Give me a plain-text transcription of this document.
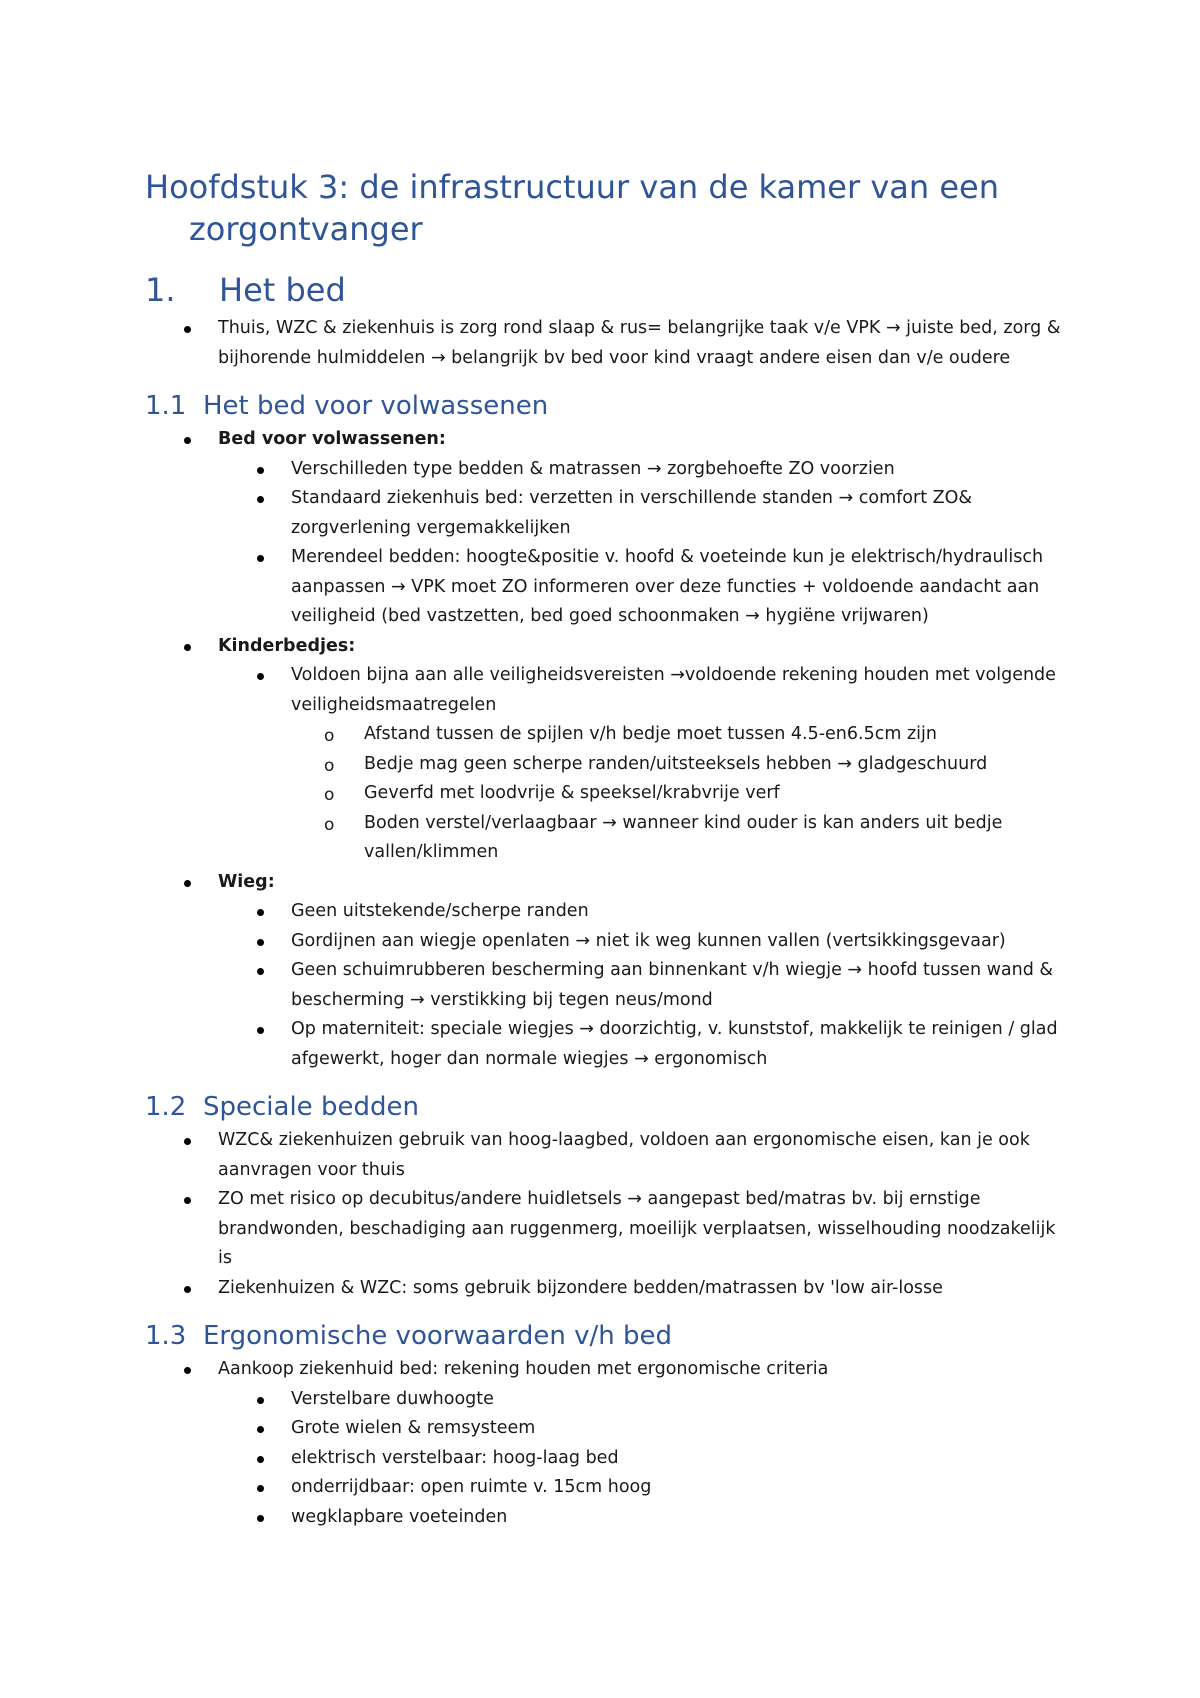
Hoofdstuk 3: de infrastructuur van de kamer van een zorgontvanger
1.	Het bed
Thuis, WZC & ziekenhuis is zorg rond slaap & rus= belangrijke taak v/e VPK → juiste bed, zorg & bijhorende hulmiddelen → belangrijk bv bed voor kind vraagt andere eisen dan v/e oudere
1.1 Het bed voor volwassenen
Bed voor volwassenen:
Verschilleden type bedden & matrassen → zorgbehoefte ZO voorzien
Standaard ziekenhuis bed: verzetten in verschillende standen → comfort ZO& zorgverlening vergemakkelijken
Merendeel bedden: hoogte&positie v. hoofd & voeteinde kun je elektrisch/hydraulisch aanpassen → VPK moet ZO informeren over deze functies + voldoende aandacht aan veiligheid (bed vastzetten, bed goed schoonmaken → hygiëne vrijwaren)
Kinderbedjes:
Voldoen bijna aan alle veiligheidsvereisten →voldoende rekening houden met volgende veiligheidsmaatregelen
o Afstand tussen de spijlen v/h bedje moet tussen 4.5-en6.5cm zijn
o Bedje mag geen scherpe randen/uitsteeksels hebben → gladgeschuurd
o Geverfd met loodvrije & speeksel/krabvrije verf
o Boden verstel/verlaagbaar → wanneer kind ouder is kan anders uit bedje vallen/klimmen
Wieg:
Geen uitstekende/scherpe randen
Gordijnen aan wiegje openlaten → niet ik weg kunnen vallen (vertsikkingsgevaar)
Geen schuimrubberen bescherming aan binnenkant v/h wiegje → hoofd tussen wand & bescherming → verstikking bij tegen neus/mond
Op materniteit: speciale wiegjes → doorzichtig, v. kunststof, makkelijk te reinigen / glad afgewerkt, hoger dan normale wiegjes → ergonomisch
1.2 Speciale bedden
WZC& ziekenhuizen gebruik van hoog-laagbed, voldoen aan ergonomische eisen, kan je ook aanvragen voor thuis
ZO met risico op decubitus/andere huidletsels → aangepast bed/matras bv. bij ernstige brandwonden, beschadiging aan ruggenmerg, moeilijk verplaatsen, wisselhouding noodzakelijk is
Ziekenhuizen & WZC: soms gebruik bijzondere bedden/matrassen bv 'low air-losse
1.3 Ergonomische voorwaarden v/h bed
Aankoop ziekenhuid bed: rekening houden met ergonomische criteria
Verstelbare duwhoogte
Grote wielen & remsysteem
elektrisch verstelbaar: hoog-laag bed
onderrijdbaar: open ruimte v. 15cm hoog
wegklapbare voeteinden
